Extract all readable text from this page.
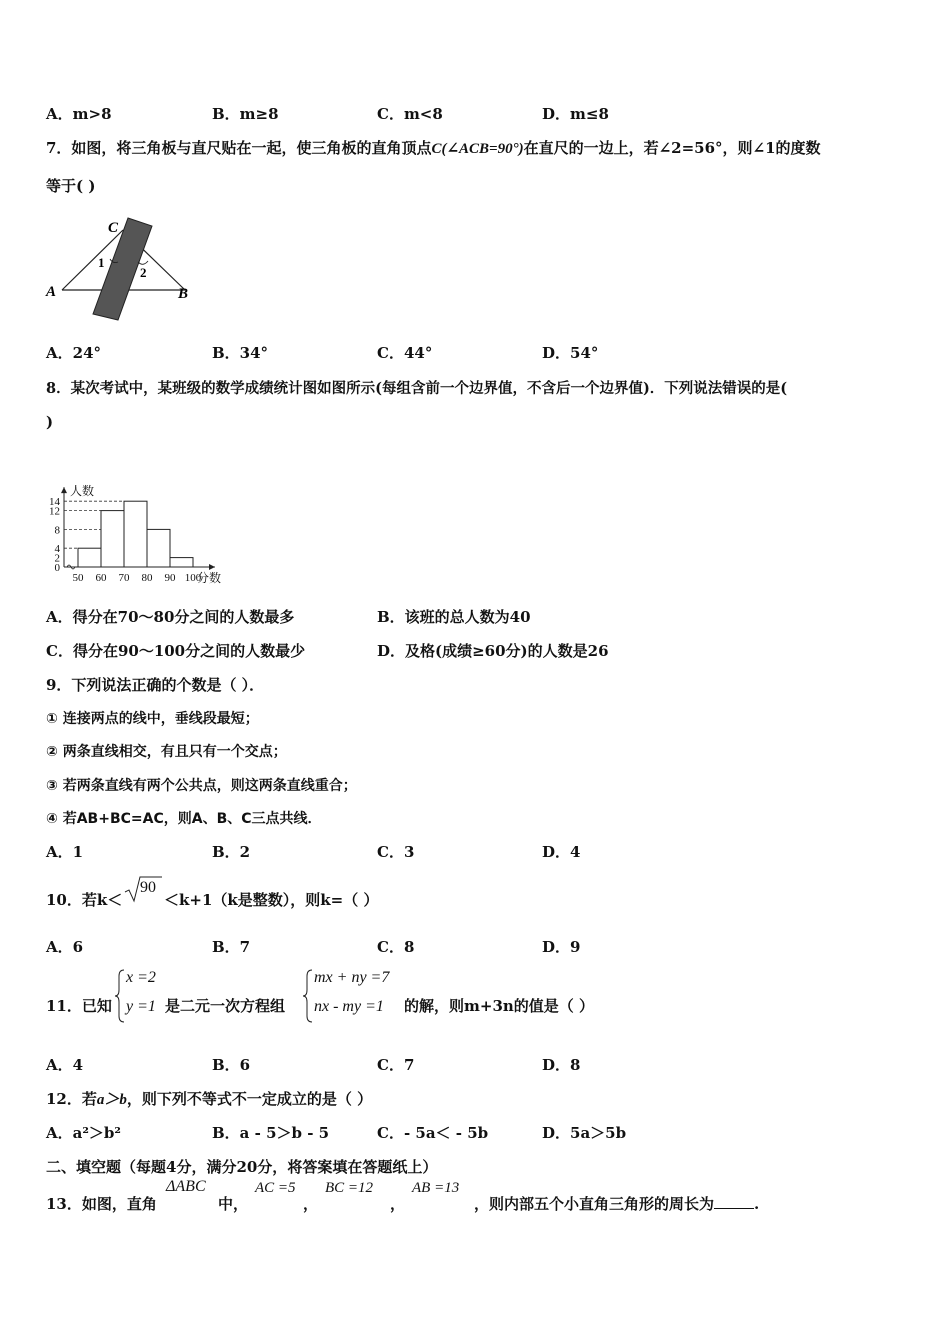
A．m>8	B．m≥8	C．m<8	D．m≤8
7．如图，将三角板与直尺贴在一起，使三角板的直角顶点C(∠ACB=90°)在直尺的一边上，若∠2=56°，则∠1的度数
等于( )
A	B
C
1
2
A．24°	B．34°	C．44°	D．54°
8．某次考试中，某班级的数学成绩统计图如图所示(每组含前一个边界值，不含后一个边界值)．下列说法错误的是(
)
0
2
4
8
12
14
50 60 70 80 90 100
人数
分数
A．得分在70～80分之间的人数最多	B．该班的总人数为40
C．得分在90～100分之间的人数最少	D．及格(成绩≥60分)的人数是26
9．下列说法正确的个数是（ ）．
① 连接两点的线中，垂线段最短；
② 两条直线相交，有且只有一个交点；
③ 若两条直线有两个公共点，则这两条直线重合；
④ 若AB+BC=AC，则A、B、C三点共线．
A．1	B．2	C．3	D．4
10．若k＜
90
＜k+1（k是整数），则k=（ ）
A．6	B．7	C．8	D．9
11．已知
x =2
y =1 是二元一次方程组
mx + ny =7
nx - my =1 的解，则m+3n的值是（ ）
A．4	B．6	C．7	D．8
12．若a＞b，则下列不等式不一定成立的是（ ）
A．a²＞b²	B．a - 5＞b - 5	C．- 5a＜ - 5b	D．5a＞5b
二、填空题（每题4分，满分20分，将答案填在答题纸上）
13．如图，直角
ΔABC
中，
AC =5
，
BC =12
，
AB =13
，则内部五个小直角三角形的周长为	.
